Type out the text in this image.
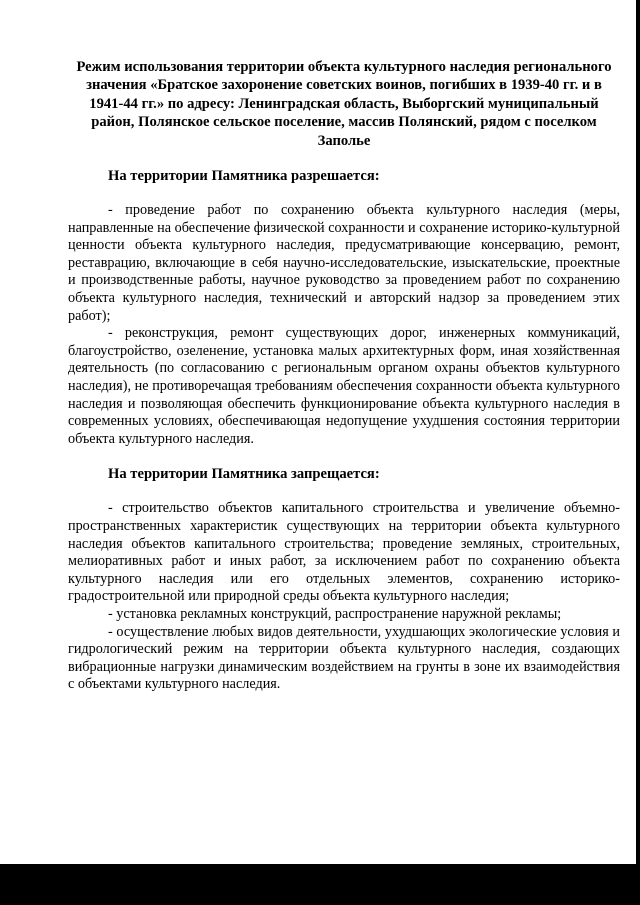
Режим использования территории объекта культурного наследия регионального значения «Братское захоронение советских воинов, погибших в 1939-40 гг. и в 1941-44 гг.» по адресу: Ленинградская область, Выборгский муниципальный район, Полянское сельское поселение, массив Полянский, рядом с поселком Заполье

На территории Памятника разрешается:

- проведение работ по сохранению объекта культурного наследия (меры, направленные на обеспечение физической сохранности и сохранение историко-культурной ценности объекта культурного наследия, предусматривающие консервацию, ремонт, реставрацию, включающие в себя научно-исследовательские, изыскательские, проектные и производственные работы, научное руководство за проведением работ по сохранению объекта культурного наследия, технический и авторский надзор за проведением этих работ);

- реконструкция, ремонт существующих дорог, инженерных коммуникаций, благоустройство, озеленение, установка малых архитектурных форм, иная хозяйственная деятельность (по согласованию с региональным органом охраны объектов культурного наследия), не противоречащая требованиям обеспечения сохранности объекта культурного наследия и позволяющая обеспечить функционирование объекта культурного наследия в современных условиях, обеспечивающая недопущение ухудшения состояния территории объекта культурного наследия.

На территории Памятника запрещается:

- строительство объектов капитального строительства и увеличение объемно-пространственных характеристик существующих на территории объекта культурного наследия объектов капитального строительства; проведение земляных, строительных, мелиоративных работ и иных работ, за исключением работ по сохранению объекта культурного наследия или его отдельных элементов, сохранению историко-градостроительной или природной среды объекта культурного наследия;

- установка рекламных конструкций, распространение наружной рекламы;

- осуществление любых видов деятельности, ухудшающих экологические условия и гидрологический режим на территории объекта культурного наследия, создающих вибрационные нагрузки динамическим воздействием на грунты в зоне их взаимодействия с объектами культурного наследия.
